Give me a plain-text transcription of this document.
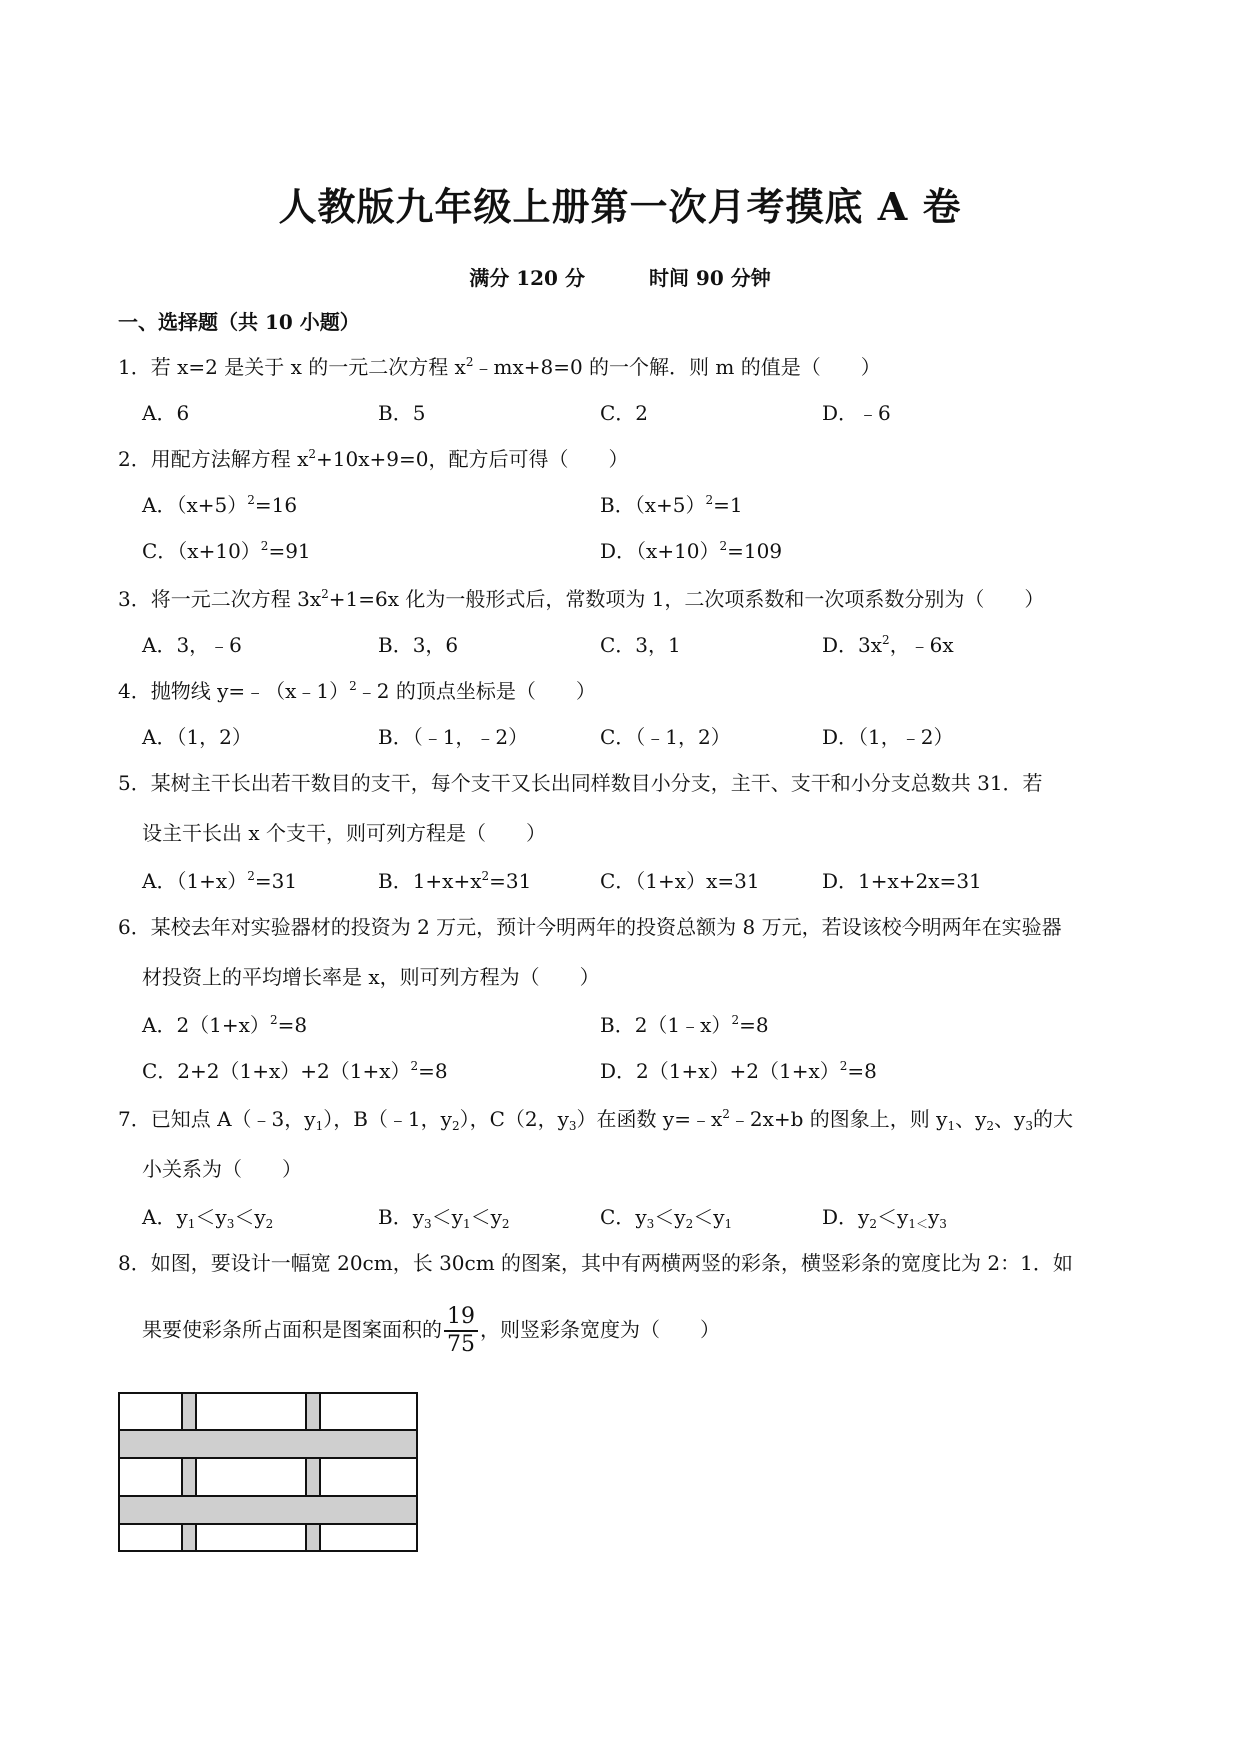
人教版九年级上册第一次月考摸底 A 卷
满分 120 分	时间 90 分钟
一、选择题（共 10 小题）
1．若 x=2 是关于 x 的一元二次方程 $x^2﹣mx+8=0$ 的一个解．则 m 的值是（　　）
A．6	B．5	C．2	D．﹣6
2．用配方法解方程 $x^2+10x+9=0$，配方后可得（　　）
A．$(x+5)^2=16$	B．$(x+5)^2=1$
C．$(x+10)^2=91$	D．$(x+10)^2=109$
3．将一元二次方程 $3x^2+1=6x$ 化为一般形式后，常数项为 1，二次项系数和一次项系数分别为（　　）
A．3，﹣6	B．3，6	C．3，1	D．$3x^2$，﹣6x
4．抛物线 y=﹣（x﹣1）$^2$﹣2 的顶点坐标是（　　）
A．（1，2）	B．（﹣1，﹣2）	C．（﹣1，2）	D．（1，﹣2）
5．某树主干长出若干数目的支干，每个支干又长出同样数目小分支，主干、支干和小分支总数共 31．若
设主干长出 x 个支干，则可列方程是（　　）
A．$(1+x)^2=31$	B．$1+x+x^2=31$	C．（1+x）x=31	D．1+x+2x=31
6．某校去年对实验器材的投资为 2 万元，预计今明两年的投资总额为 8 万元，若设该校今明两年在实验器
材投资上的平均增长率是 x，则可列方程为（　　）
A．$2(1+x)^2=8$	B．2（1﹣x）$^2$=8
C．$2+2(1+x)+2(1+x)^2=8$	D．$2(1+x)+2(1+x)^2=8$
7．已知点 A（﹣3，$y_1$），B（﹣1，$y_2$），C（2，$y_3$）在函数 $y=﹣x^2﹣2x+b$ 的图象上，则 $y_1$、$y_2$、$y_3$的大
小关系为（　　）
A．$y_1<y_3<y_2$	B．$y_3<y_1<y_2$	C．$y_3<y_2<y_1$	D．$y_2<y_{1<}y_3$
8．如图，要设计一幅宽 20cm，长 30cm 的图案，其中有两横两竖的彩条，横竖彩条的宽度比为 2：1．如
果要使彩条所占面积是图案面积的 $\frac{19}{75}$ ，则竖彩条宽度为（　　）
